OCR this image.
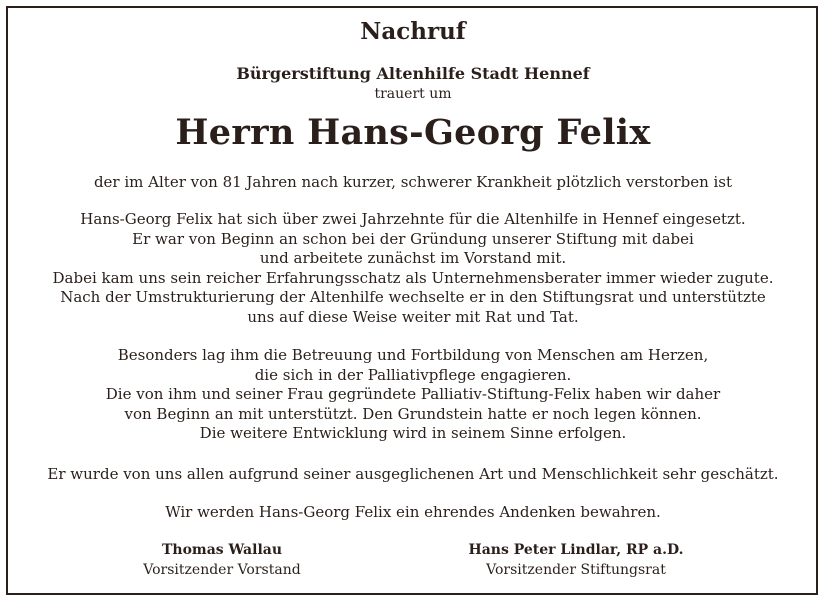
Nachruf
Bürgerstiftung Altenhilfe Stadt Hennef
trauert um
Herrn Hans-Georg Felix
der im Alter von 81 Jahren nach kurzer, schwerer Krankheit plötzlich verstorben ist
Hans-Georg Felix hat sich über zwei Jahrzehnte für die Altenhilfe in Hennef eingesetzt.
Er war von Beginn an schon bei der Gründung unserer Stiftung mit dabei
und arbeitete zunächst im Vorstand mit.
Dabei kam uns sein reicher Erfahrungsschatz als Unternehmensberater immer wieder zugute.
Nach der Umstrukturierung der Altenhilfe wechselte er in den Stiftungsrat und unterstützte
uns auf diese Weise weiter mit Rat und Tat.
Besonders lag ihm die Betreuung und Fortbildung von Menschen am Herzen,
die sich in der Palliativpflege engagieren.
Die von ihm und seiner Frau gegründete Palliativ-Stiftung-Felix haben wir daher
von Beginn an mit unterstützt. Den Grundstein hatte er noch legen können.
Die weitere Entwicklung wird in seinem Sinne erfolgen.
Er wurde von uns allen aufgrund seiner ausgeglichenen Art und Menschlichkeit sehr geschätzt.
Wir werden Hans-Georg Felix ein ehrendes Andenken bewahren.
Thomas Wallau
Vorsitzender Vorstand
Hans Peter Lindlar, RP a.D.
Vorsitzender Stiftungsrat
